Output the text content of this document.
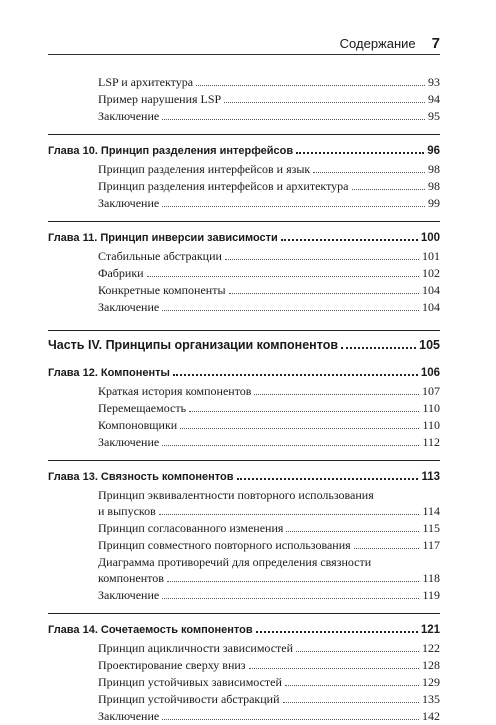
Содержание 7
LSP и архитектура	93
Пример нарушения LSP	94
Заключение	95
Глава 10. Принцип разделения интерфейсов	96
Принцип разделения интерфейсов и язык	98
Принцип разделения интерфейсов и архитектура	98
Заключение	99
Глава 11. Принцип инверсии зависимости	100
Стабильные абстракции	101
Фабрики	102
Конкретные компоненты	104
Заключение	104
Часть IV. Принципы организации компонентов	105
Глава 12. Компоненты	106
Краткая история компонентов	107
Перемещаемость	110
Компоновщики	110
Заключение	112
Глава 13. Связность компонентов	113
Принцип эквивалентности повторного использования
и выпусков	114
Принцип согласованного изменения	115
Принцип совместного повторного использования	117
Диаграмма противоречий для определения связности
компонентов	118
Заключение	119
Глава 14. Сочетаемость компонентов	121
Принцип ацикличности зависимостей	122
Проектирование сверху вниз	128
Принцип устойчивых зависимостей	129
Принцип устойчивости абстракций	135
Заключение	142
